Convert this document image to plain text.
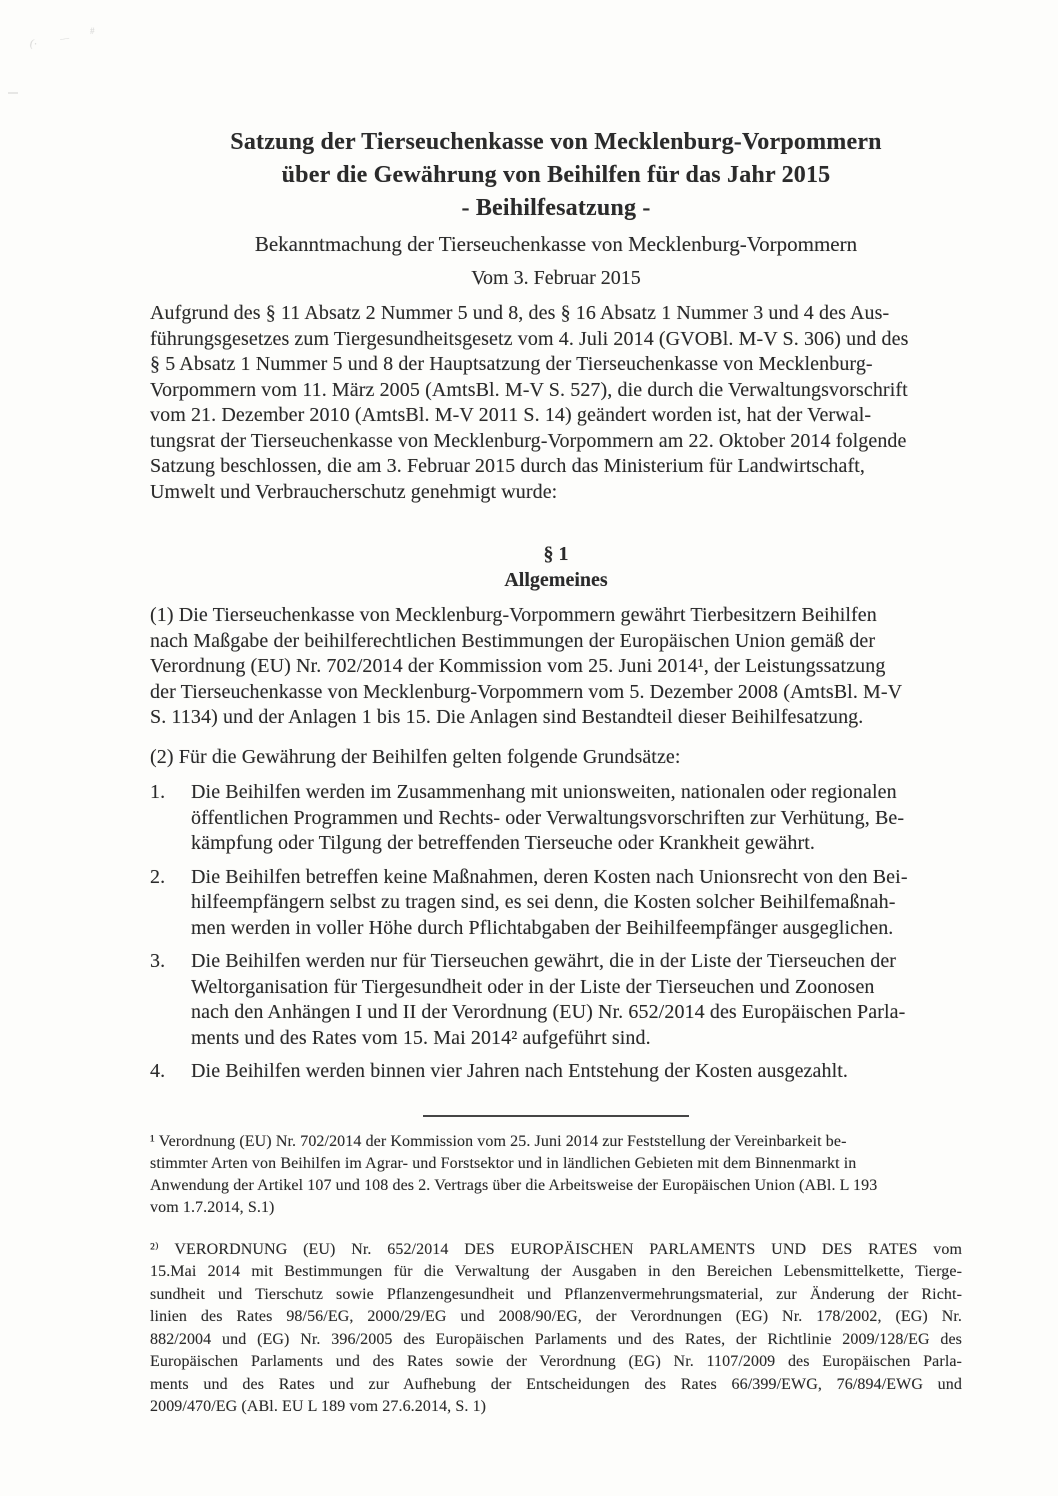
(· —
#
Satzung der Tierseuchenkasse von Mecklenburg-Vorpommern
über die Gewährung von Beihilfen für das Jahr 2015
- Beihilfesatzung -
Bekanntmachung der Tierseuchenkasse von Mecklenburg-Vorpommern
Vom 3. Februar 2015
Aufgrund des § 11 Absatz 2 Nummer 5 und 8, des § 16 Absatz 1 Nummer 3 und 4 des Aus-
führungsgesetzes zum Tiergesundheitsgesetz vom 4. Juli 2014 (GVOBl. M-V S. 306) und des
§ 5 Absatz 1 Nummer 5 und 8 der Hauptsatzung der Tierseuchenkasse von Mecklenburg-
Vorpommern vom 11. März 2005 (AmtsBl. M-V S. 527), die durch die Verwaltungsvorschrift
vom 21. Dezember 2010 (AmtsBl. M-V 2011 S. 14) geändert worden ist, hat der Verwal-
tungsrat der Tierseuchenkasse von Mecklenburg-Vorpommern am 22. Oktober 2014 folgende
Satzung beschlossen, die am 3. Februar 2015 durch das Ministerium für Landwirtschaft,
Umwelt und Verbraucherschutz genehmigt wurde:
§ 1
Allgemeines
(1) Die Tierseuchenkasse von Mecklenburg-Vorpommern gewährt Tierbesitzern Beihilfen
nach Maßgabe der beihilferechtlichen Bestimmungen der Europäischen Union gemäß der
Verordnung (EU) Nr. 702/2014 der Kommission vom 25. Juni 2014¹, der Leistungssatzung
der Tierseuchenkasse von Mecklenburg-Vorpommern vom 5. Dezember 2008 (AmtsBl. M-V
S. 1134) und der Anlagen 1 bis 15. Die Anlagen sind Bestandteil dieser Beihilfesatzung.
(2) Für die Gewährung der Beihilfen gelten folgende Grundsätze:
1.	Die Beihilfen werden im Zusammenhang mit unionsweiten, nationalen oder regionalen
öffentlichen Programmen und Rechts- oder Verwaltungsvorschriften zur Verhütung, Be-
kämpfung oder Tilgung der betreffenden Tierseuche oder Krankheit gewährt.
2.	Die Beihilfen betreffen keine Maßnahmen, deren Kosten nach Unionsrecht von den Bei-
hilfeempfängern selbst zu tragen sind, es sei denn, die Kosten solcher Beihilfemaßnah-
men werden in voller Höhe durch Pflichtabgaben der Beihilfeempfänger ausgeglichen.
3.	Die Beihilfen werden nur für Tierseuchen gewährt, die in der Liste der Tierseuchen der
Weltorganisation für Tiergesundheit oder in der Liste der Tierseuchen und Zoonosen
nach den Anhängen I und II der Verordnung (EU) Nr. 652/2014 des Europäischen Parla-
ments und des Rates vom 15. Mai 2014² aufgeführt sind.
4.	Die Beihilfen werden binnen vier Jahren nach Entstehung der Kosten ausgezahlt.
¹ Verordnung (EU) Nr. 702/2014 der Kommission vom 25. Juni 2014 zur Feststellung der Vereinbarkeit be-
stimmter Arten von Beihilfen im Agrar- und Forstsektor und in ländlichen Gebieten mit dem Binnenmarkt in
Anwendung der Artikel 107 und 108 des 2. Vertrags über die Arbeitsweise der Europäischen Union (ABl. L 193
vom 1.7.2014, S.1)
²⁾ VERORDNUNG (EU) Nr. 652/2014 DES EUROPÄISCHEN PARLAMENTS UND DES RATES vom
15.Mai 2014 mit Bestimmungen für die Verwaltung der Ausgaben in den Bereichen Lebensmittelkette, Tierge-
sundheit und Tierschutz sowie Pflanzengesundheit und Pflanzenvermehrungsmaterial, zur Änderung der Richt-
linien des Rates 98/56/EG, 2000/29/EG und 2008/90/EG, der Verordnungen (EG) Nr. 178/2002, (EG) Nr.
882/2004 und (EG) Nr. 396/2005 des Europäischen Parlaments und des Rates, der Richtlinie 2009/128/EG des
Europäischen Parlaments und des Rates sowie der Verordnung (EG) Nr. 1107/2009 des Europäischen Parla-
ments und des Rates und zur Aufhebung der Entscheidungen des Rates 66/399/EWG, 76/894/EWG und
2009/470/EG (ABl. EU L 189 vom 27.6.2014, S. 1)
